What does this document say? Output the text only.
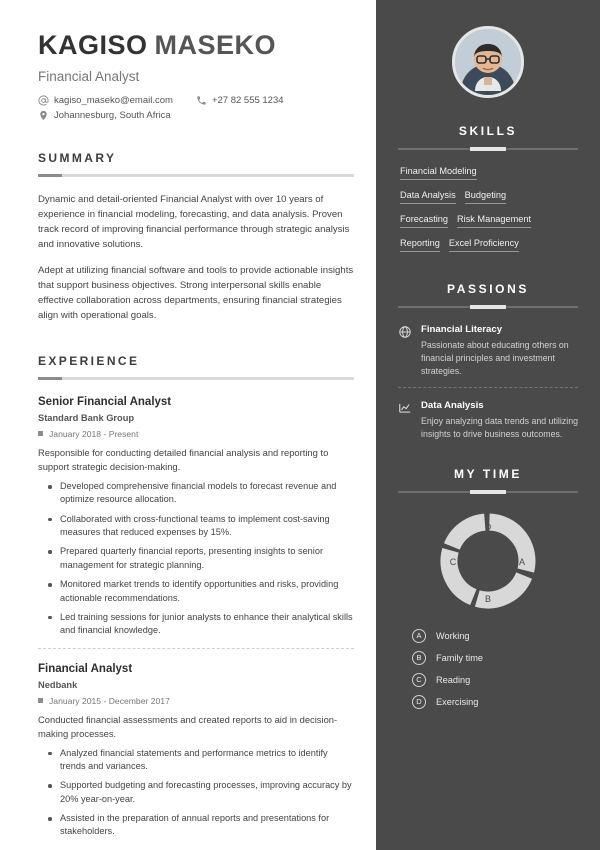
KAGISO MASEKO
Financial Analyst
kagiso_maseko@email.com	+27 82 555 1234
Johannesburg, South Africa
SUMMARY
Dynamic and detail-oriented Financial Analyst with over 10 years of experience in financial modeling, forecasting, and data analysis. Proven track record of improving financial performance through strategic analysis and innovative solutions.
Adept at utilizing financial software and tools to provide actionable insights that support business objectives. Strong interpersonal skills enable effective collaboration across departments, ensuring financial strategies align with operational goals.
EXPERIENCE
Senior Financial Analyst
Standard Bank Group
January 2018 - Present
Responsible for conducting detailed financial analysis and reporting to support strategic decision-making.
Developed comprehensive financial models to forecast revenue and optimize resource allocation.
Collaborated with cross-functional teams to implement cost-saving measures that reduced expenses by 15%.
Prepared quarterly financial reports, presenting insights to senior management for strategic planning.
Monitored market trends to identify opportunities and risks, providing actionable recommendations.
Led training sessions for junior analysts to enhance their analytical skills and financial knowledge.
Financial Analyst
Nedbank
January 2015 - December 2017
Conducted financial assessments and created reports to aid in decision-making processes.
Analyzed financial statements and performance metrics to identify trends and variances.
Supported budgeting and forecasting processes, improving accuracy by 20% year-on-year.
Assisted in the preparation of annual reports and presentations for stakeholders.
SKILLS
Financial Modeling
Data Analysis Budgeting
Forecasting Risk Management
Reporting Excel Proficiency
PASSIONS
Financial Literacy
Passionate about educating others on financial principles and investment strategies.
Data Analysis
Enjoy analyzing data trends and utilizing insights to drive business outcomes.
MY TIME
A
B
C
D
A	Working
B	Family time
C	Reading
D	Exercising
